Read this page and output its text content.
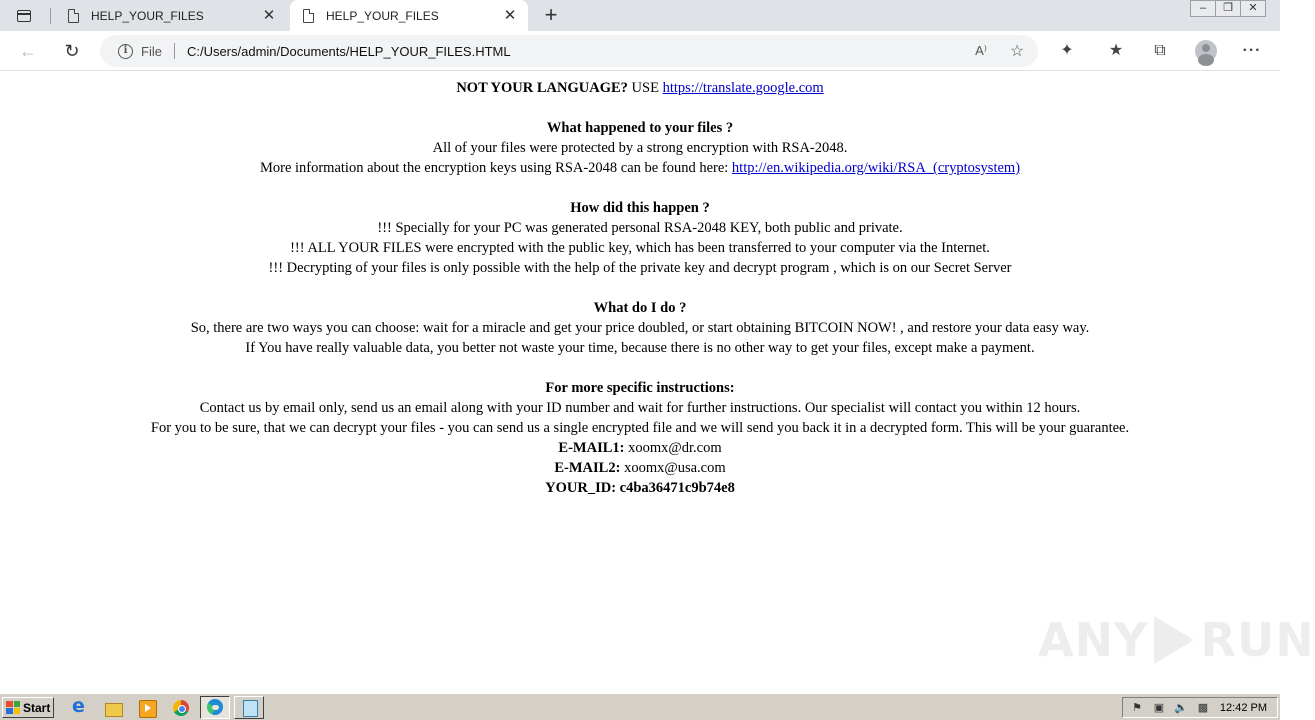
HELP_YOUR_FILES	✕	HELP_YOUR_FILES	✕ +	–	❐	✕
← ↻	i	File C:/Users/admin/Documents/HELP_YOUR_FILES.HTML	A⁾	☆	✦	★	⧉	···

NOT YOUR LANGUAGE? USE https://translate.google.com

What happened to your files ?

All of your files were protected by a strong encryption with RSA-2048.

More information about the encryption keys using RSA-2048 can be found here: http://en.wikipedia.org/wiki/RSA_(cryptosystem)

How did this happen ?

!!! Specially for your PC was generated personal RSA-2048 KEY, both public and private.

!!! ALL YOUR FILES were encrypted with the public key, which has been transferred to your computer via the Internet.

!!! Decrypting of your files is only possible with the help of the private key and decrypt program , which is on our Secret Server

What do I do ?

So, there are two ways you can choose: wait for a miracle and get your price doubled, or start obtaining BITCOIN NOW! , and restore your data easy way.

If You have really valuable data, you better not waste your time, because there is no other way to get your files, except make a payment.

For more specific instructions:

Contact us by email only, send us an email along with your ID number and wait for further instructions. Our specialist will contact you within 12 hours.

For you to be sure, that we can decrypt your files - you can send us a single encrypted file and we will send you back it in a decrypted form. This will be your guarantee.

E-MAIL1: xoomx@dr.com

E-MAIL2: xoomx@usa.com

YOUR_ID: c4ba36471c9b74e8

ANY RUN
Start
e	⚑ ▣ 🔈 ▩ 12:42 PM
